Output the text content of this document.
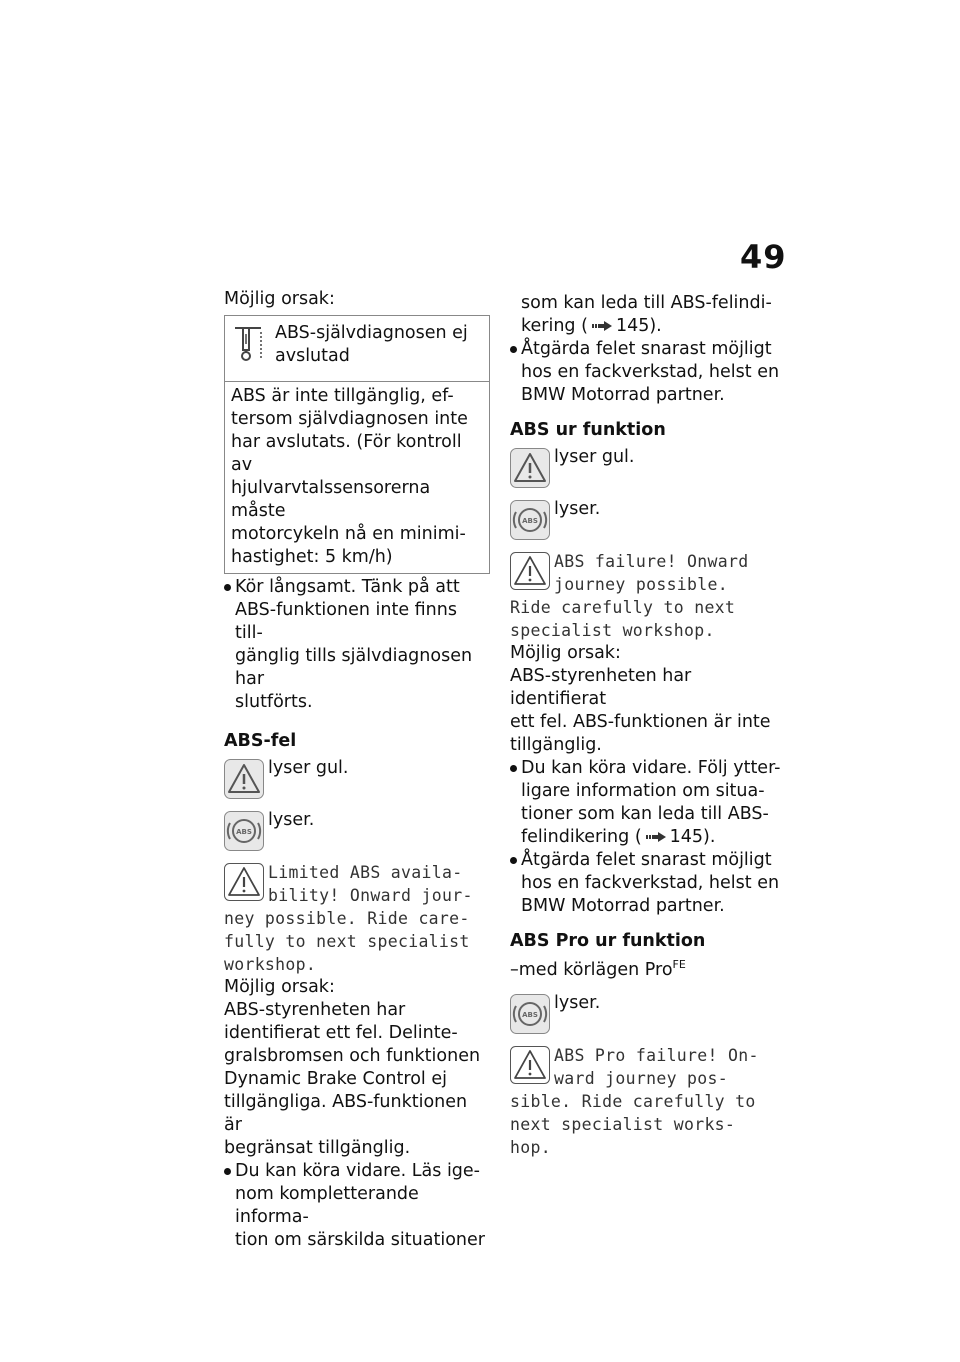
49

Möjlig orsak:

ABS-självdiagnosen ej
avslutad
ABS är inte tillgänglig, ef-
tersom självdiagnosen inte
har avslutats. (För kontroll av
hjulvarvtalssensorerna måste
motorcykeln nå en minimi-
hastighet: 5 km/h)
Kör långsamt. Tänk på att
ABS-funktionen inte finns till-
gänglig tills självdiagnosen har
slutförts.

ABS-fel

lyser gul.
ABS
lyser.
Limited ABS availa-
bility! Onward jour-
ney possible. Ride care-
fully to next specialist
workshop.

Möjlig orsak:

ABS-styrenheten har
identifierat ett fel. Delinte-
gralsbromsen och funktionen
Dynamic Brake Control ej
tillgängliga. ABS-funktionen är
begränsat tillgänglig.
Du kan köra vidare. Läs ige-
nom kompletterande informa-
tion om särskilda situationer
som kan leda till ABS-felindi-
kering ( 145).
Åtgärda felet snarast möjligt
hos en fackverkstad, helst en
BMW Motorrad partner.

ABS ur funktion

lyser gul.
ABS
lyser.
ABS failure! Onward
journey possible.
Ride carefully to next
specialist workshop.

Möjlig orsak:

ABS-styrenheten har identifierat
ett fel. ABS-funktionen är inte
tillgänglig.
Du kan köra vidare. Följ ytter-
ligare information om situa-
tioner som kan leda till ABS-
felindikering ( 145).
Åtgärda felet snarast möjligt
hos en fackverkstad, helst en
BMW Motorrad partner.

ABS Pro ur funktion

–med körlägen Pro$^{FE}$
ABS
lyser.
ABS Pro failure! On-
ward journey pos-
sible. Ride carefully to
next specialist works-
hop.
